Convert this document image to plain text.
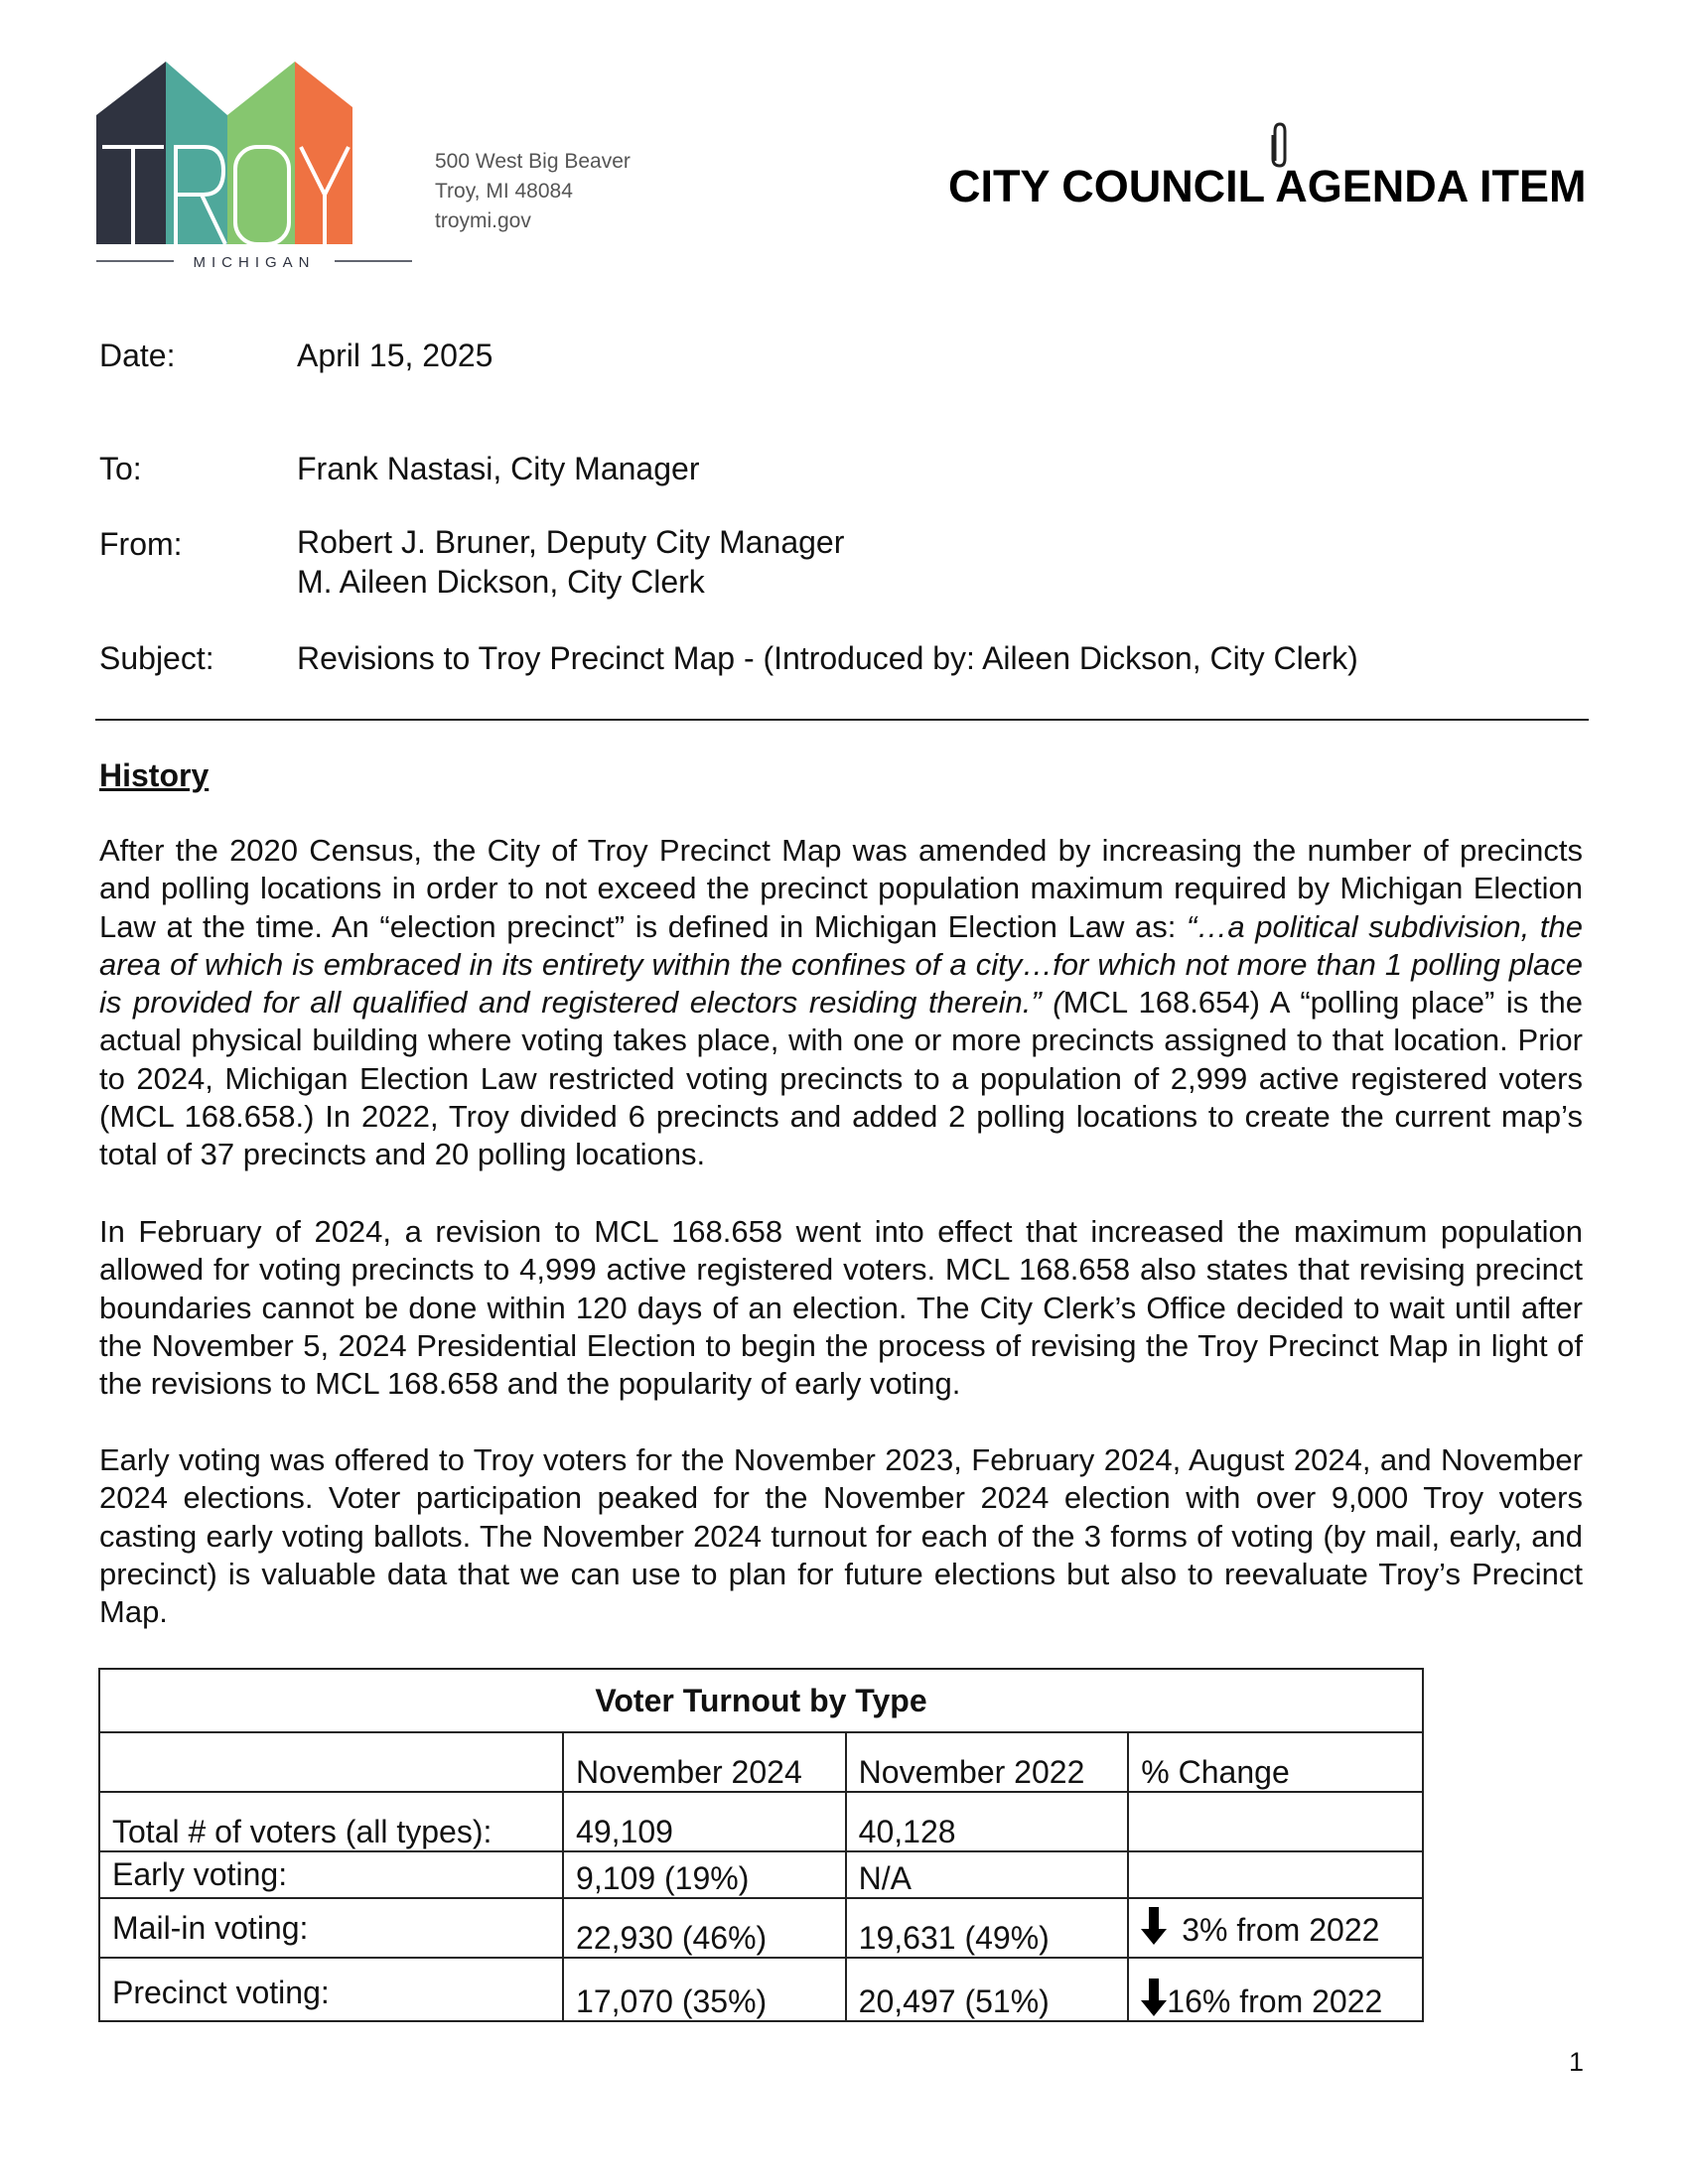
MICHIGAN
500 West Big Beaver
Troy, MI 48084
troymi.gov
CITY COUNCIL AGENDA ITEM
Date:	April 15, 2025
To:	Frank Nastasi, City Manager
From:	Robert J. Bruner, Deputy City Manager
M. Aileen Dickson, City Clerk
Subject:	Revisions to Troy Precinct Map - (Introduced by: Aileen Dickson, City Clerk)
History
After the 2020 Census, the City of Troy Precinct Map was amended by increasing the number of precincts and polling locations in order to not exceed the precinct population maximum required by Michigan Election Law at the time. An “election precinct” is defined in Michigan Election Law as: “…a political subdivision, the area of which is embraced in its entirety within the confines of a city…for which not more than 1 polling place is provided for all qualified and registered electors residing therein.” (MCL 168.654) A “polling place” is the actual physical building where voting takes place, with one or more precincts assigned to that location. Prior to 2024, Michigan Election Law restricted voting precincts to a population of 2,999 active registered voters (MCL 168.658.) In 2022, Troy divided 6 precincts and added 2 polling locations to create the current map’s total of 37 precincts and 20 polling locations.
In February of 2024, a revision to MCL 168.658 went into effect that increased the maximum population allowed for voting precincts to 4,999 active registered voters. MCL 168.658 also states that revising precinct boundaries cannot be done within 120 days of an election. The City Clerk’s Office decided to wait until after the November 5, 2024 Presidential Election to begin the process of revising the Troy Precinct Map in light of the revisions to MCL 168.658 and the popularity of early voting.
Early voting was offered to Troy voters for the November 2023, February 2024, August 2024, and November 2024 elections. Voter participation peaked for the November 2024 election with over 9,000 Troy voters casting early voting ballots. The November 2024 turnout for each of the 3 forms of voting (by mail, early, and precinct) is valuable data that we can use to plan for future elections but also to reevaluate Troy’s Precinct Map.
Voter Turnout by Type			
	November 2024	November 2022	% Change
Total # of voters (all types):	49,109	40,128	
Early voting:	9,109 (19%)	N/A	
Mail-in voting:	22,930 (46%)	19,631 (49%)	3% from 2022
Precinct voting:	17,070 (35%)	20,497 (51%)	16% from 2022
1
